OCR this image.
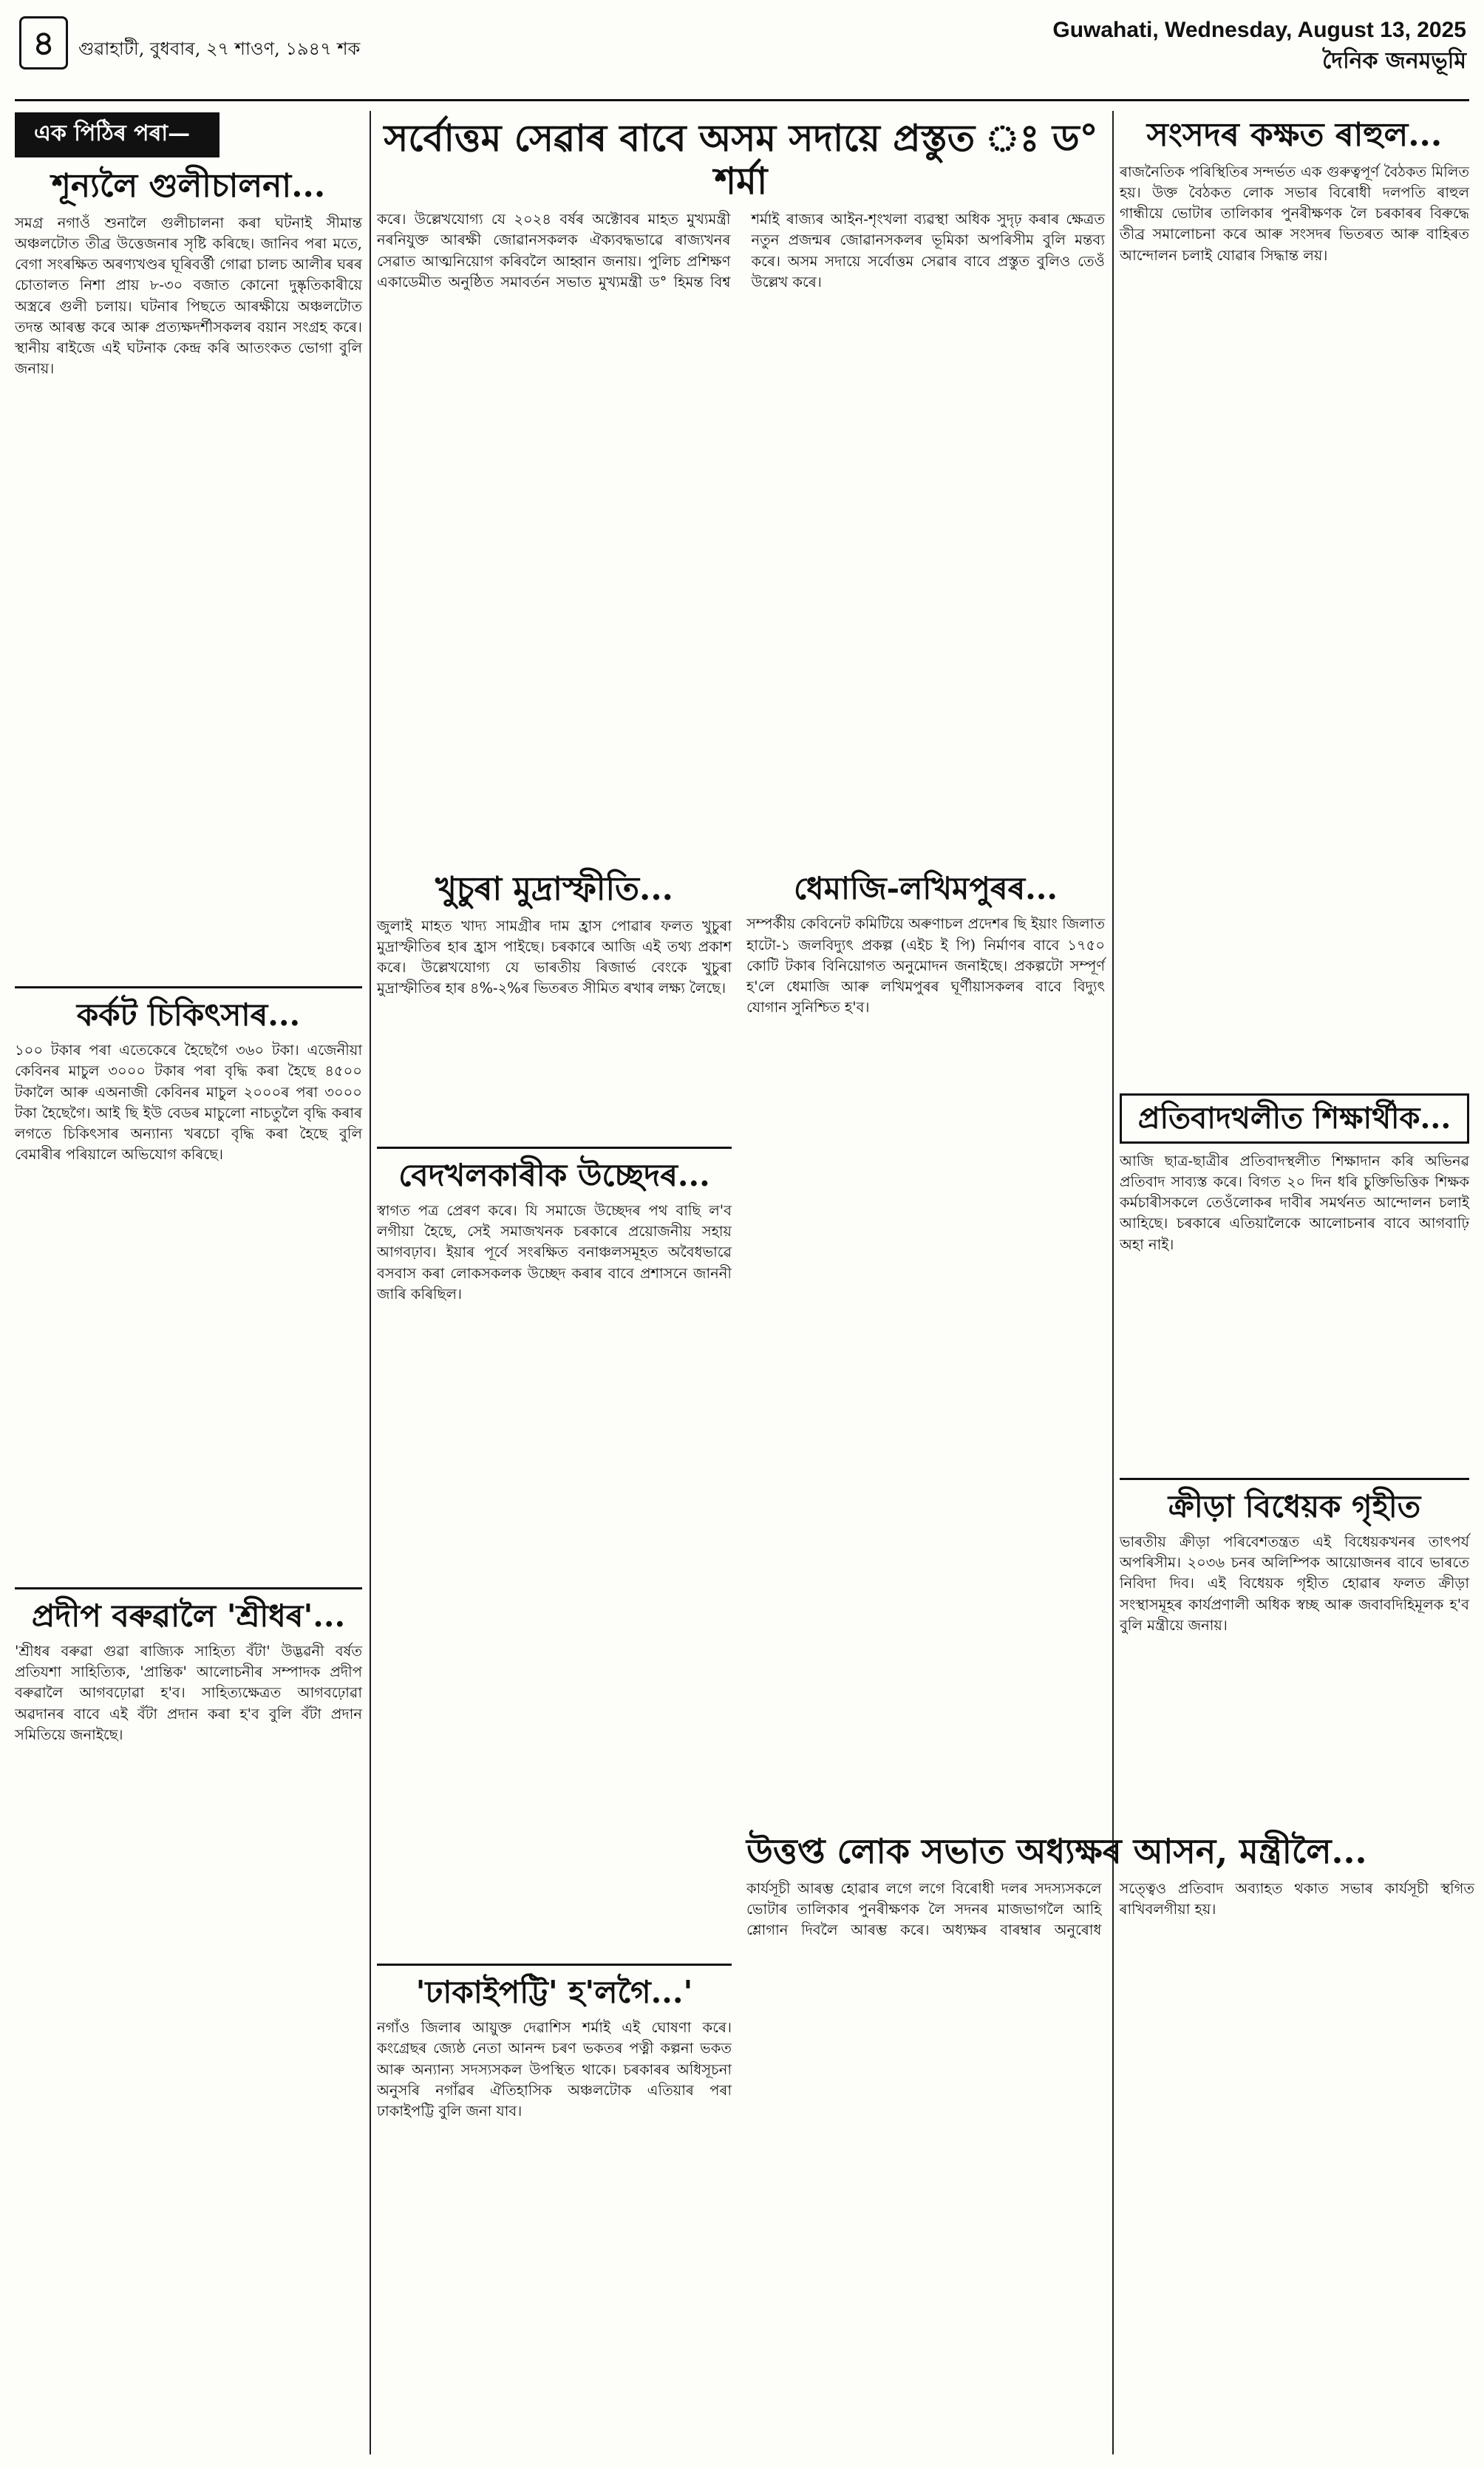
৪	গুৱাহাটী, বুধবাৰ, ২৭ শাওণ, ১৯৪৭ শক
Guwahati, Wednesday, August 13, 2025
দৈনিক জনমভূমি
এক পিঠিৰ পৰা—
শূন্যলৈ গুলীচালনা...

সমগ্ৰ নগাওঁ শুনালৈ গুলীচালনা কৰা ঘটনাই সীমান্ত অঞ্চলটোত তীব্ৰ উত্তেজনাৰ সৃষ্টি কৰিছে। জানিব পৰা মতে, বেগা সংৰক্ষিত অৰণ্যখণ্ডৰ ঘূৰিবৰ্ত্তী গোৱা চালচ আলীৰ ঘৰৰ চোতালত নিশা প্ৰায় ৮-৩০ বজাত কোনো দুষ্কৃতিকাৰীয়ে অস্ত্ৰৰে গুলী চলায়। ঘটনাৰ পিছতে আৰক্ষীয়ে অঞ্চলটোত তদন্ত আৰম্ভ কৰে আৰু প্ৰত্যক্ষদৰ্শীসকলৰ বয়ান সংগ্ৰহ কৰে। স্থানীয় ৰাইজে এই ঘটনাক কেন্দ্ৰ কৰি আতংকত ভোগা বুলি জনায়।

কৰ্কট চিকিৎসাৰ...

১০০ টকাৰ পৰা এতেকেৰে হৈছেগৈ ৩৬০ টকা। এজেনীয়া কেবিনৰ মাচুল ৩০০০ টকাৰ পৰা বৃদ্ধি কৰা হৈছে ৪৫০০ টকালৈ আৰু এঅনাজী কেবিনৰ মাচুল ২০০০ৰ পৰা ৩০০০ টকা হৈছেগৈ। আই ছি ইউ বেডৰ মাচুলো নাচতুলৈ বৃদ্ধি কৰাৰ লগতে চিকিৎসাৰ অন্যান্য খৰচো বৃদ্ধি কৰা হৈছে বুলি বেমাৰীৰ পৰিয়ালে অভিযোগ কৰিছে।

প্ৰদীপ বৰুৱালৈ 'শ্ৰীধৰ'...

'শ্ৰীধৰ বৰুৱা গুৱা ৰাজ্যিক সাহিত্য বঁটা' উদ্ভৱনী বৰ্ষত প্ৰতিযশা সাহিত্যিক, 'প্ৰান্তিক' আলোচনীৰ সম্পাদক প্ৰদীপ বৰুৱালৈ আগবঢ়োৱা হ'ব। সাহিত্যক্ষেত্ৰত আগবঢ়োৱা অৱদানৰ বাবে এই বঁটা প্ৰদান কৰা হ'ব বুলি বঁটা প্ৰদান সমিতিয়ে জনাইছে।

সৰ্বোত্তম সেৱাৰ বাবে অসম সদায়ে প্ৰস্তুত ঃ ড° শৰ্মা

কৰে। উল্লেখযোগ্য যে ২০২৪ বৰ্ষৰ অক্টোবৰ মাহত মুখ্যমন্ত্ৰী নৰনিযুক্ত আৰক্ষী জোৱানসকলক ঐক্যবদ্ধভাৱে ৰাজ্যখনৰ সেৱাত আত্মনিয়োগ কৰিবলৈ আহ্বান জনায়। পুলিচ প্ৰশিক্ষণ একাডেমীত অনুষ্ঠিত সমাবৰ্তন সভাত মুখ্যমন্ত্ৰী ড° হিমন্ত বিশ্ব শৰ্মাই ৰাজ্যৰ আইন-শৃংখলা ব্যৱস্থা অধিক সুদৃঢ় কৰাৰ ক্ষেত্ৰত নতুন প্ৰজন্মৰ জোৱানসকলৰ ভূমিকা অপৰিসীম বুলি মন্তব্য কৰে। অসম সদায়ে সৰ্বোত্তম সেৱাৰ বাবে প্ৰস্তুত বুলিও তেওঁ উল্লেখ কৰে।

খুচুৰা মুদ্ৰাস্ফীতি...

জুলাই মাহত খাদ্য সামগ্ৰীৰ দাম হ্ৰাস পোৱাৰ ফলত খুচুৰা মুদ্ৰাস্ফীতিৰ হাৰ হ্ৰাস পাইছে। চৰকাৰে আজি এই তথ্য প্ৰকাশ কৰে। উল্লেখযোগ্য যে ভাৰতীয় ৰিজাৰ্ভ বেংকে খুচুৰা মুদ্ৰাস্ফীতিৰ হাৰ ৪%-২%ৰ ভিতৰত সীমিত ৰখাৰ লক্ষ্য লৈছে।

বেদখলকাৰীক উচ্ছেদৰ...

স্বাগত পত্ৰ প্ৰেৰণ কৰে। যি সমাজে উচ্ছেদৰ পথ বাছি ল'ব লগীয়া হৈছে, সেই সমাজখনক চৰকাৰে প্ৰয়োজনীয় সহায় আগবঢ়াব। ইয়াৰ পূৰ্বে সংৰক্ষিত বনাঞ্চলসমূহত অবৈধভাৱে বসবাস কৰা লোকসকলক উচ্ছেদ কৰাৰ বাবে প্ৰশাসনে জাননী জাৰি কৰিছিল।

'ঢাকাইপট্টি' হ'লগৈ...'

নগাঁও জিলাৰ আয়ুক্ত দেৱাশিস শৰ্মাই এই ঘোষণা কৰে। কংগ্ৰেছৰ জ্যেষ্ঠ নেতা আনন্দ চৰণ ভকতৰ পত্নী কল্পনা ভকত আৰু অন্যান্য সদস্যসকল উপস্থিত থাকে। চৰকাৰৰ অধিসূচনা অনুসৰি নগাঁৱৰ ঐতিহাসিক অঞ্চলটোক এতিয়াৰ পৰা ঢাকাইপট্টি বুলি জনা যাব।

ধেমাজি-লখিমপুৰৰ...

সম্পৰ্কীয় কেবিনেট কমিটিয়ে অৰুণাচল প্ৰদেশৰ ছি ইয়াং জিলাত হাটো-১ জলবিদ্যুৎ প্ৰকল্প (এইচ ই পি) নিৰ্মাণৰ বাবে ১৭৫০ কোটি টকাৰ বিনিয়োগত অনুমোদন জনাইছে। প্ৰকল্পটো সম্পূৰ্ণ হ'লে ধেমাজি আৰু লখিমপুৰৰ ঘূৰ্ণীয়াসকলৰ বাবে বিদ্যুৎ যোগান সুনিশ্চিত হ'ব।

উত্তপ্ত লোক সভাত অধ্যক্ষৰ আসন, মন্ত্ৰীলৈ...

কাৰ্যসূচী আৰম্ভ হোৱাৰ লগে লগে বিৰোধী দলৰ সদস্যসকলে ভোটাৰ তালিকাৰ পুনৰীক্ষণক লৈ সদনৰ মাজভাগলৈ আহি শ্লোগান দিবলৈ আৰম্ভ কৰে। অধ্যক্ষৰ বাৰম্বাৰ অনুৰোধ সত্ত্বেও প্ৰতিবাদ অব্যাহত থকাত সভাৰ কাৰ্যসূচী স্থগিত ৰাখিবলগীয়া হয়।

সংসদৰ কক্ষত ৰাহুল...

ৰাজনৈতিক পৰিস্থিতিৰ সন্দৰ্ভত এক গুৰুত্বপূৰ্ণ বৈঠকত মিলিত হয়। উক্ত বৈঠকত লোক সভাৰ বিৰোধী দলপতি ৰাহুল গান্ধীয়ে ভোটাৰ তালিকাৰ পুনৰীক্ষণক লৈ চৰকাৰৰ বিৰুদ্ধে তীব্ৰ সমালোচনা কৰে আৰু সংসদৰ ভিতৰত আৰু বাহিৰত আন্দোলন চলাই যোৱাৰ সিদ্ধান্ত লয়।

প্ৰতিবাদথলীত শিক্ষাৰ্থীক...

আজি ছাত্ৰ-ছাত্ৰীৰ প্ৰতিবাদস্থলীত শিক্ষাদান কৰি অভিনৱ প্ৰতিবাদ সাব্যস্ত কৰে। বিগত ২০ দিন ধৰি চুক্তিভিত্তিক শিক্ষক কৰ্মচাৰীসকলে তেওঁলোকৰ দাবীৰ সমৰ্থনত আন্দোলন চলাই আহিছে। চৰকাৰে এতিয়ালৈকে আলোচনাৰ বাবে আগবাঢ়ি অহা নাই।

ক্ৰীড়া বিধেয়ক গৃহীত

ভাৰতীয় ক্ৰীড়া পৰিবেশতন্ত্ৰত এই বিধেয়কখনৰ তাৎপৰ্য অপৰিসীম। ২০৩৬ চনৰ অলিম্পিক আয়োজনৰ বাবে ভাৰতে নিবিদা দিব। এই বিধেয়ক গৃহীত হোৱাৰ ফলত ক্ৰীড়া সংস্থাসমূহৰ কাৰ্যপ্ৰণালী অধিক স্বচ্ছ আৰু জবাবদিহিমূলক হ'ব বুলি মন্ত্ৰীয়ে জনায়।
